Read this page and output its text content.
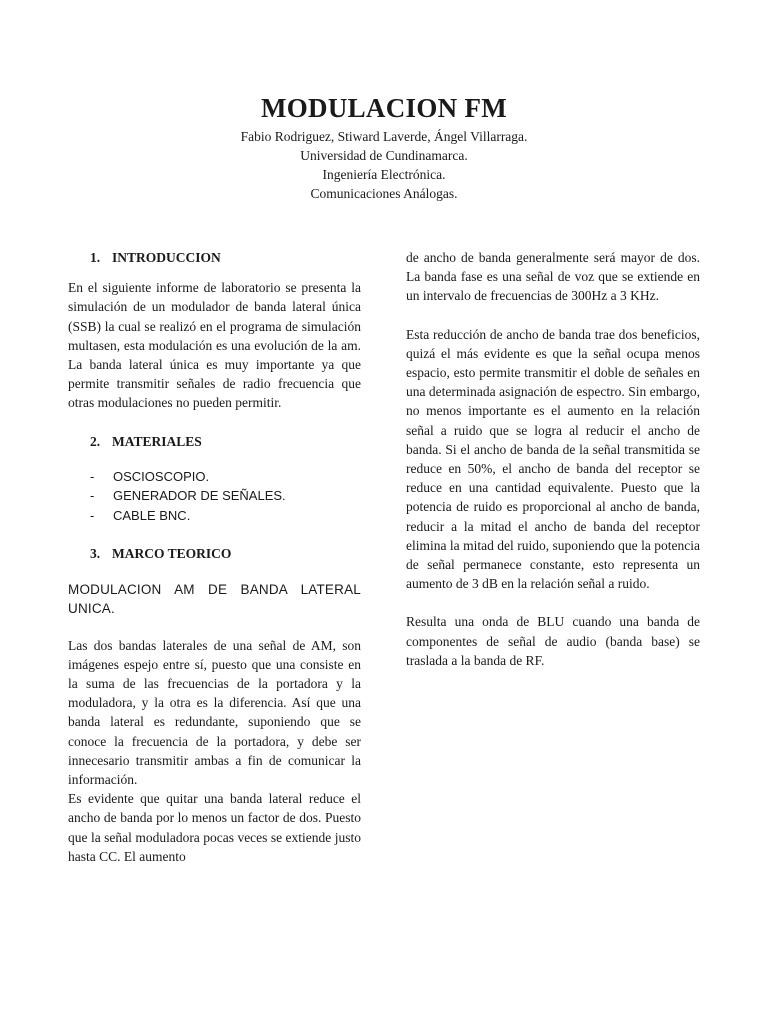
MODULACION FM

Fabio Rodriguez, Stiward Laverde, Ángel Villarraga.

Universidad de Cundinamarca.

Ingeniería Electrónica.

Comunicaciones Análogas.

1. INTRODUCCION

En el siguiente informe de laboratorio se presenta la simulación de un modulador de banda lateral única (SSB) la cual se realizó en el programa de simulación multasen, esta modulación es una evolución de la am. La banda lateral única es muy importante ya que permite transmitir señales de radio frecuencia que otras modulaciones no pueden permitir.

2. MATERIALES
-	OSCIOSCOPIO.
-	GENERADOR DE SEÑALES.
-	CABLE BNC.
3. MARCO TEORICO

MODULACION AM DE BANDA LATERAL UNICA.

Las dos bandas laterales de una señal de AM, son imágenes espejo entre sí, puesto que una consiste en la suma de las frecuencias de la portadora y la moduladora, y la otra es la diferencia. Así que una banda lateral es redundante, suponiendo que se conoce la frecuencia de la portadora, y debe ser innecesario transmitir ambas a fin de comunicar la información.

Es evidente que quitar una banda lateral reduce el ancho de banda por lo menos un factor de dos. Puesto que la señal moduladora pocas veces se extiende justo hasta CC. El aumento

de ancho de banda generalmente será mayor de dos. La banda fase es una señal de voz que se extiende en un intervalo de frecuencias de 300Hz a 3 KHz.

Esta reducción de ancho de banda trae dos beneficios, quizá el más evidente es que la señal ocupa menos espacio, esto permite transmitir el doble de señales en una determinada asignación de espectro. Sin embargo, no menos importante es el aumento en la relación señal a ruido que se logra al reducir el ancho de banda. Si el ancho de banda de la señal transmitida se reduce en 50%, el ancho de banda del receptor se reduce en una cantidad equivalente. Puesto que la potencia de ruido es proporcional al ancho de banda, reducir a la mitad el ancho de banda del receptor elimina la mitad del ruido, suponiendo que la potencia de señal permanece constante, esto representa un aumento de 3 dB en la relación señal a ruido.

Resulta una onda de BLU cuando una banda de componentes de señal de audio (banda base) se traslada a la banda de RF.
